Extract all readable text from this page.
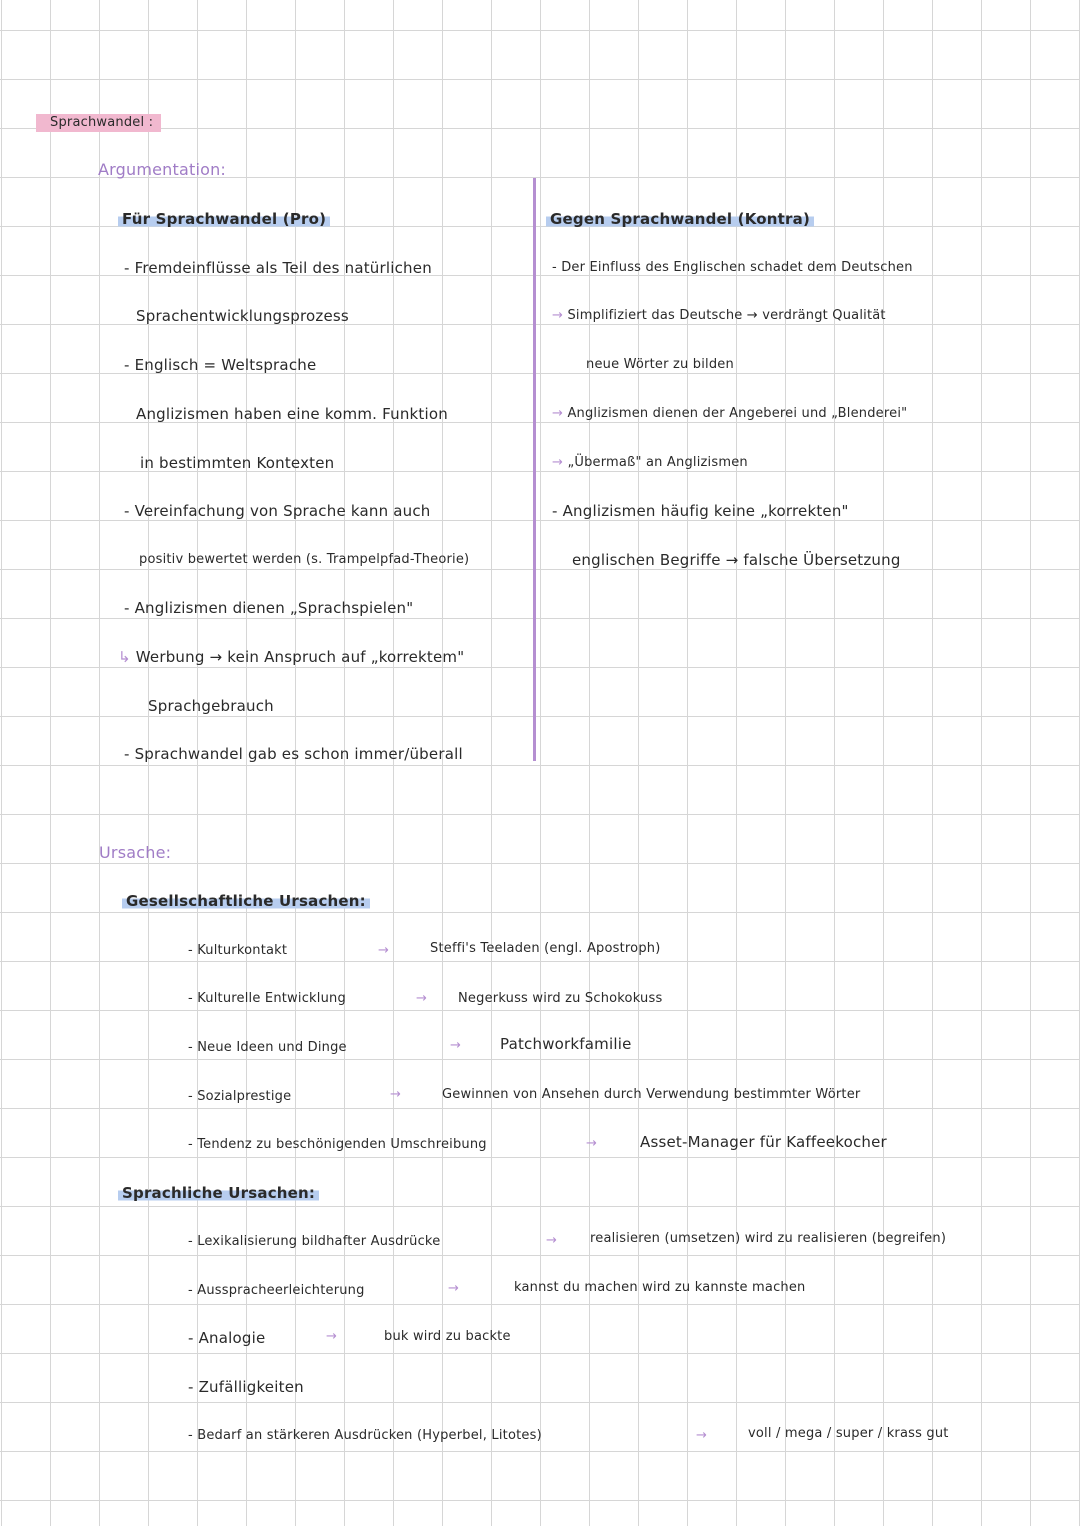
Sprachwandel :
Argumentation:
Für Sprachwandel (Pro)
- Fremdeinflüsse als Teil des natürlichen
Sprachentwicklungsprozess
- Englisch = Weltsprache
Anglizismen haben eine komm. Funktion
in bestimmten Kontexten
- Vereinfachung von Sprache kann auch
positiv bewertet werden (s. Trampelpfad-Theorie)
- Anglizismen dienen „Sprachspielen"
↳ Werbung → kein Anspruch auf „korrektem"
Sprachgebrauch
- Sprachwandel gab es schon immer/überall
Gegen Sprachwandel (Kontra)
- Der Einfluss des Englischen schadet dem Deutschen
→ Simplifiziert das Deutsche → verdrängt Qualität
neue Wörter zu bilden
→ Anglizismen dienen der Angeberei und „Blenderei"
→ „Übermaß" an Anglizismen
- Anglizismen häufig keine „korrekten"
englischen Begriffe → falsche Übersetzung
Ursache:
Gesellschaftliche Ursachen:
- Kulturkontakt	→	Steffi's Teeladen (engl. Apostroph)
- Kulturelle Entwicklung	→ Negerkuss wird zu Schokokuss
- Neue Ideen und Dinge	→	Patchworkfamilie
- Sozialprestige	→	Gewinnen von Ansehen durch Verwendung bestimmter Wörter
- Tendenz zu beschönigenden Umschreibung	→	Asset-Manager für Kaffeekocher
Sprachliche Ursachen:
- Lexikalisierung bildhafter Ausdrücke	→	realisieren (umsetzen) wird zu realisieren (begreifen)
- Ausspracheerleichterung	→	kannst du machen wird zu kannste machen
- Analogie	→	buk wird zu backte
- Zufälligkeiten
- Bedarf an stärkeren Ausdrücken (Hyperbel, Litotes)	→	voll / mega / super / krass gut
